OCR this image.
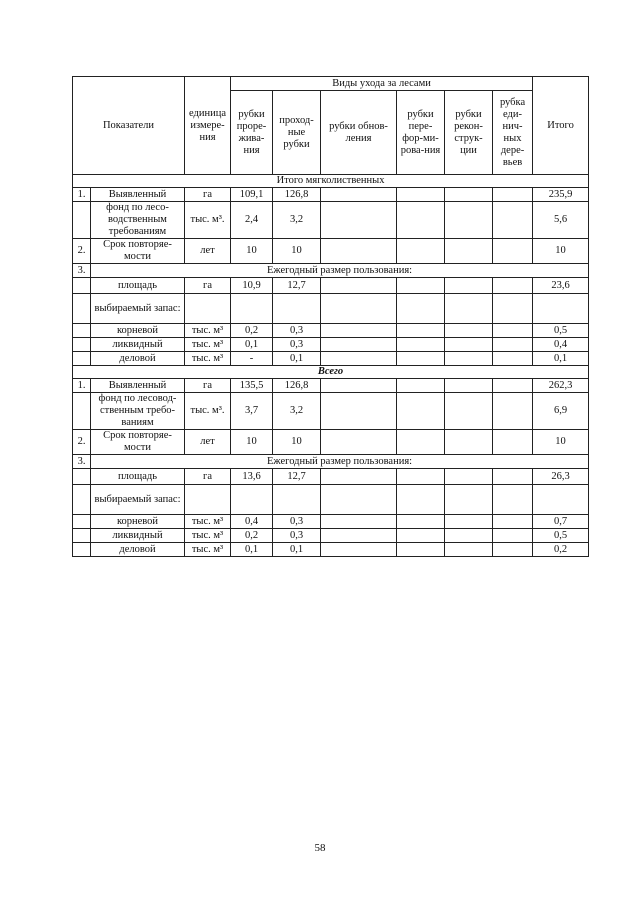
Показатели		единица измере-ния	Виды ухода за лесами						Итого
			рубки проре-жива-ния	проход-ные рубки	рубки обнов-ления	рубки пере-фор-ми-рова-ния	рубки рекон-струк-ции	рубка еди-нич-ных дере-вьев	
Итого мягколиственных									
1.	Выявленный	га	109,1	126,8					235,9
	фонд по лесо-водственным требованиям	тыс. м³.	2,4	3,2					5,6
2.	Срок повторяе-мости	лет	10	10					10
3.	Ежегодный размер пользования:								
	площадь	га	10,9	12,7					23,6
	выбираемый запас:								
	корневой	тыс. м³	0,2	0,3					0,5
	ликвидный	тыс. м³	0,1	0,3					0,4
	деловой	тыс. м³	-	0,1					0,1
Всего									
1.	Выявленный	га	135,5	126,8					262,3
	фонд по лесовод-ственным требо-ваниям	тыс. м³.	3,7	3,2					6,9
2.	Срок повторяе-мости	лет	10	10					10
3.	Ежегодный размер пользования:								
	площадь	га	13,6	12,7					26,3
	выбираемый запас:								
	корневой	тыс. м³	0,4	0,3					0,7
	ликвидный	тыс. м³	0,2	0,3					0,5
	деловой	тыс. м³	0,1	0,1					0,2
58
